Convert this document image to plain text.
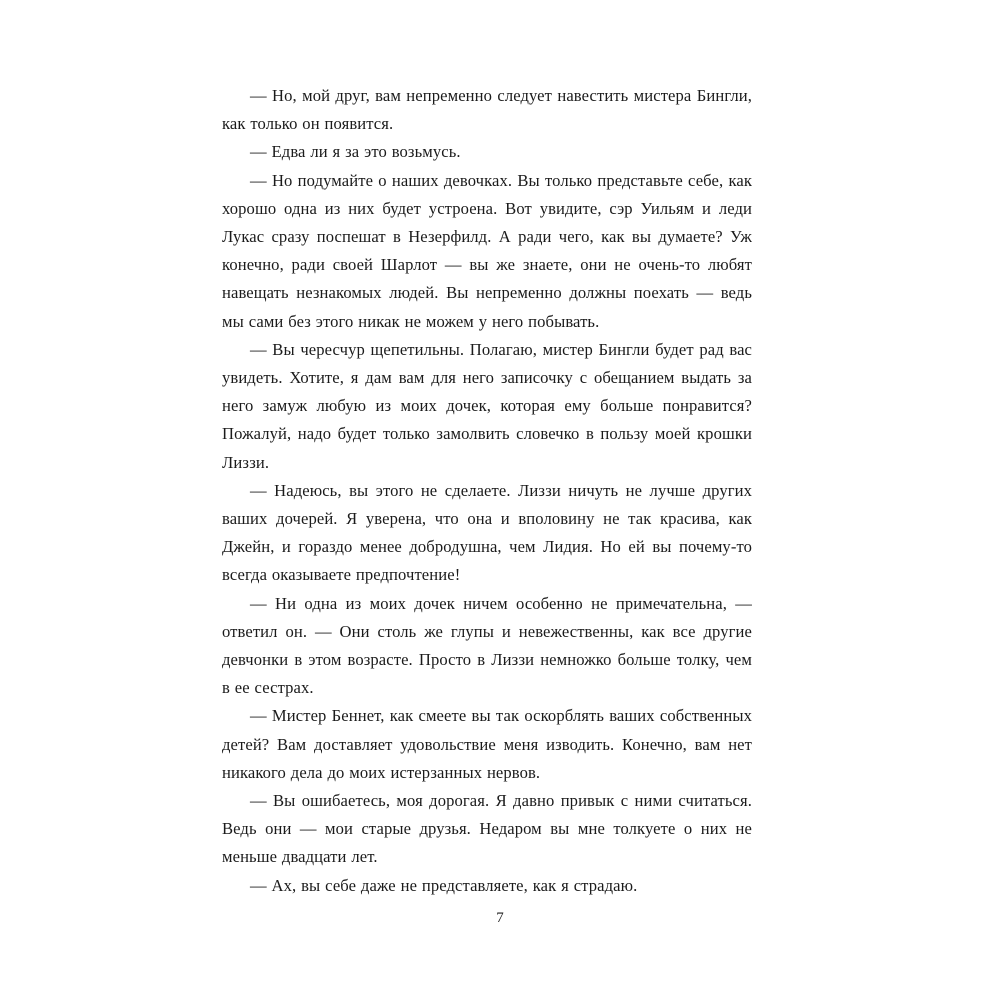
— Но, мой друг, вам непременно следует навестить мистера Бингли, как только он появится.

— Едва ли я за это возьмусь.

— Но подумайте о наших девочках. Вы только представьте себе, как хорошо одна из них будет устроена. Вот увидите, сэр Уильям и леди Лукас сразу поспешат в Незерфилд. А ради чего, как вы думаете? Уж конечно, ради своей Шарлот — вы же знаете, они не очень-то любят навещать незнакомых людей. Вы непременно должны поехать — ведь мы сами без этого никак не можем у него побывать.

— Вы чересчур щепетильны. Полагаю, мистер Бингли будет рад вас увидеть. Хотите, я дам вам для него записочку с обещанием выдать за него замуж любую из моих дочек, которая ему больше понравится? Пожалуй, надо будет только замолвить словечко в пользу моей крошки Лиззи.

— Надеюсь, вы этого не сделаете. Лиззи ничуть не лучше других ваших дочерей. Я уверена, что она и вполовину не так красива, как Джейн, и гораздо менее добродушна, чем Лидия. Но ей вы почему-то всегда оказываете предпочтение!

— Ни одна из моих дочек ничем особенно не примечательна, — ответил он. — Они столь же глупы и невежественны, как все другие девчонки в этом возрасте. Просто в Лиззи немножко больше толку, чем в ее сестрах.

— Мистер Беннет, как смеете вы так оскорблять ваших собственных детей? Вам доставляет удовольствие меня изводить. Конечно, вам нет никакого дела до моих истерзанных нервов.

— Вы ошибаетесь, моя дорогая. Я давно привык с ними считаться. Ведь они — мои старые друзья. Недаром вы мне толкуете о них не меньше двадцати лет.

— Ах, вы себе даже не представляете, как я страдаю.

7
